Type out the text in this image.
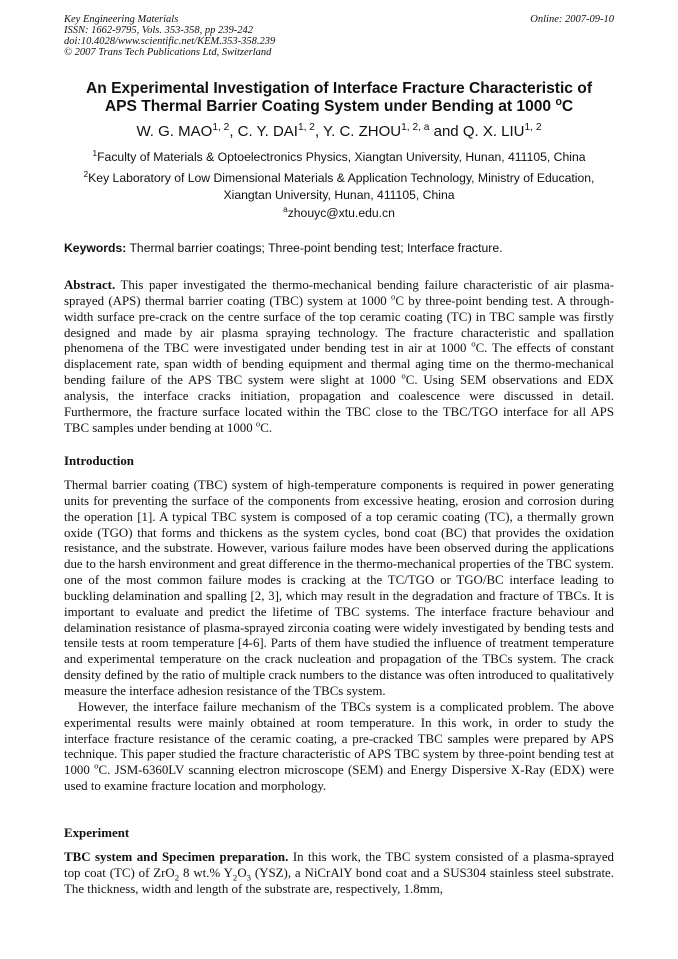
Key Engineering Materials
ISSN: 1662-9795, Vols. 353-358, pp 239-242
doi:10.4028/www.scientific.net/KEM.353-358.239
© 2007 Trans Tech Publications Ltd, Switzerland
Online: 2007-09-10
An Experimental Investigation of Interface Fracture Characteristic of
APS Thermal Barrier Coating System under Bending at 1000 $^o$C
W. G. MAO$^{1, 2}$, C. Y. DAI$^{1, 2}$, Y. C. ZHOU$^{1, 2, a}$ and Q. X. LIU$^{1, 2}$
$^1$Faculty of Materials & Optoelectronics Physics, Xiangtan University, Hunan, 411105, China
$^2$Key Laboratory of Low Dimensional Materials & Application Technology, Ministry of Education,
Xiangtan University, Hunan, 411105, China
$^a$zhouyc@xtu.edu.cn
Keywords: Thermal barrier coatings; Three-point bending test; Interface fracture.
Abstract. This paper investigated the thermo-mechanical bending failure characteristic of air plasma-sprayed (APS) thermal barrier coating (TBC) system at 1000 $^o$C by three-point bending test. A through-width surface pre-crack on the centre surface of the top ceramic coating (TC) in TBC sample was firstly designed and made by air plasma spraying technology. The fracture characteristic and spallation phenomena of the TBC were investigated under bending test in air at 1000 $^o$C. The effects of constant displacement rate, span width of bending equipment and thermal aging time on the thermo-mechanical bending failure of the APS TBC system were slight at 1000 $^o$C. Using SEM observations and EDX analysis, the interface cracks initiation, propagation and coalescence were discussed in detail. Furthermore, the fracture surface located within the TBC close to the TBC/TGO interface for all APS TBC samples under bending at 1000 $^o$C.
Introduction

Thermal barrier coating (TBC) system of high-temperature components is required in power generating units for preventing the surface of the components from excessive heating, erosion and corrosion during the operation [1]. A typical TBC system is composed of a top ceramic coating (TC), a thermally grown oxide (TGO) that forms and thickens as the system cycles, bond coat (BC) that provides the oxidation resistance, and the substrate. However, various failure modes have been observed during the applications due to the harsh environment and great difference in the thermo-mechanical properties of the TBC system. one of the most common failure modes is cracking at the TC/TGO or TGO/BC interface leading to buckling delamination and spalling [2, 3], which may result in the degradation and fracture of TBCs. It is important to evaluate and predict the lifetime of TBC systems. The interface fracture behaviour and delamination resistance of plasma-sprayed zirconia coating were widely investigated by bending tests and tensile tests at room temperature [4-6]. Parts of them have studied the influence of treatment temperature and experimental temperature on the crack nucleation and propagation of the TBCs system. The crack density defined by the ratio of multiple crack numbers to the distance was often introduced to qualitatively measure the interface adhesion resistance of the TBCs system.

However, the interface failure mechanism of the TBCs system is a complicated problem. The above experimental results were mainly obtained at room temperature. In this work, in order to study the interface fracture resistance of the ceramic coating, a pre-cracked TBC samples were prepared by APS technique. This paper studied the fracture characteristic of APS TBC system by three-point bending test at 1000 $^o$C. JSM-6360LV scanning electron microscope (SEM) and Energy Dispersive X-Ray (EDX) were used to examine fracture location and morphology.

Experiment
TBC system and Specimen preparation. In this work, the TBC system consisted of a plasma-sprayed top coat (TC) of ZrO$_2$ 8 wt.% $Y_2O_3$ (YSZ), a NiCrAlY bond coat and a SUS304 stainless steel substrate. The thickness, width and length of the substrate are, respectively, 1.8mm,
